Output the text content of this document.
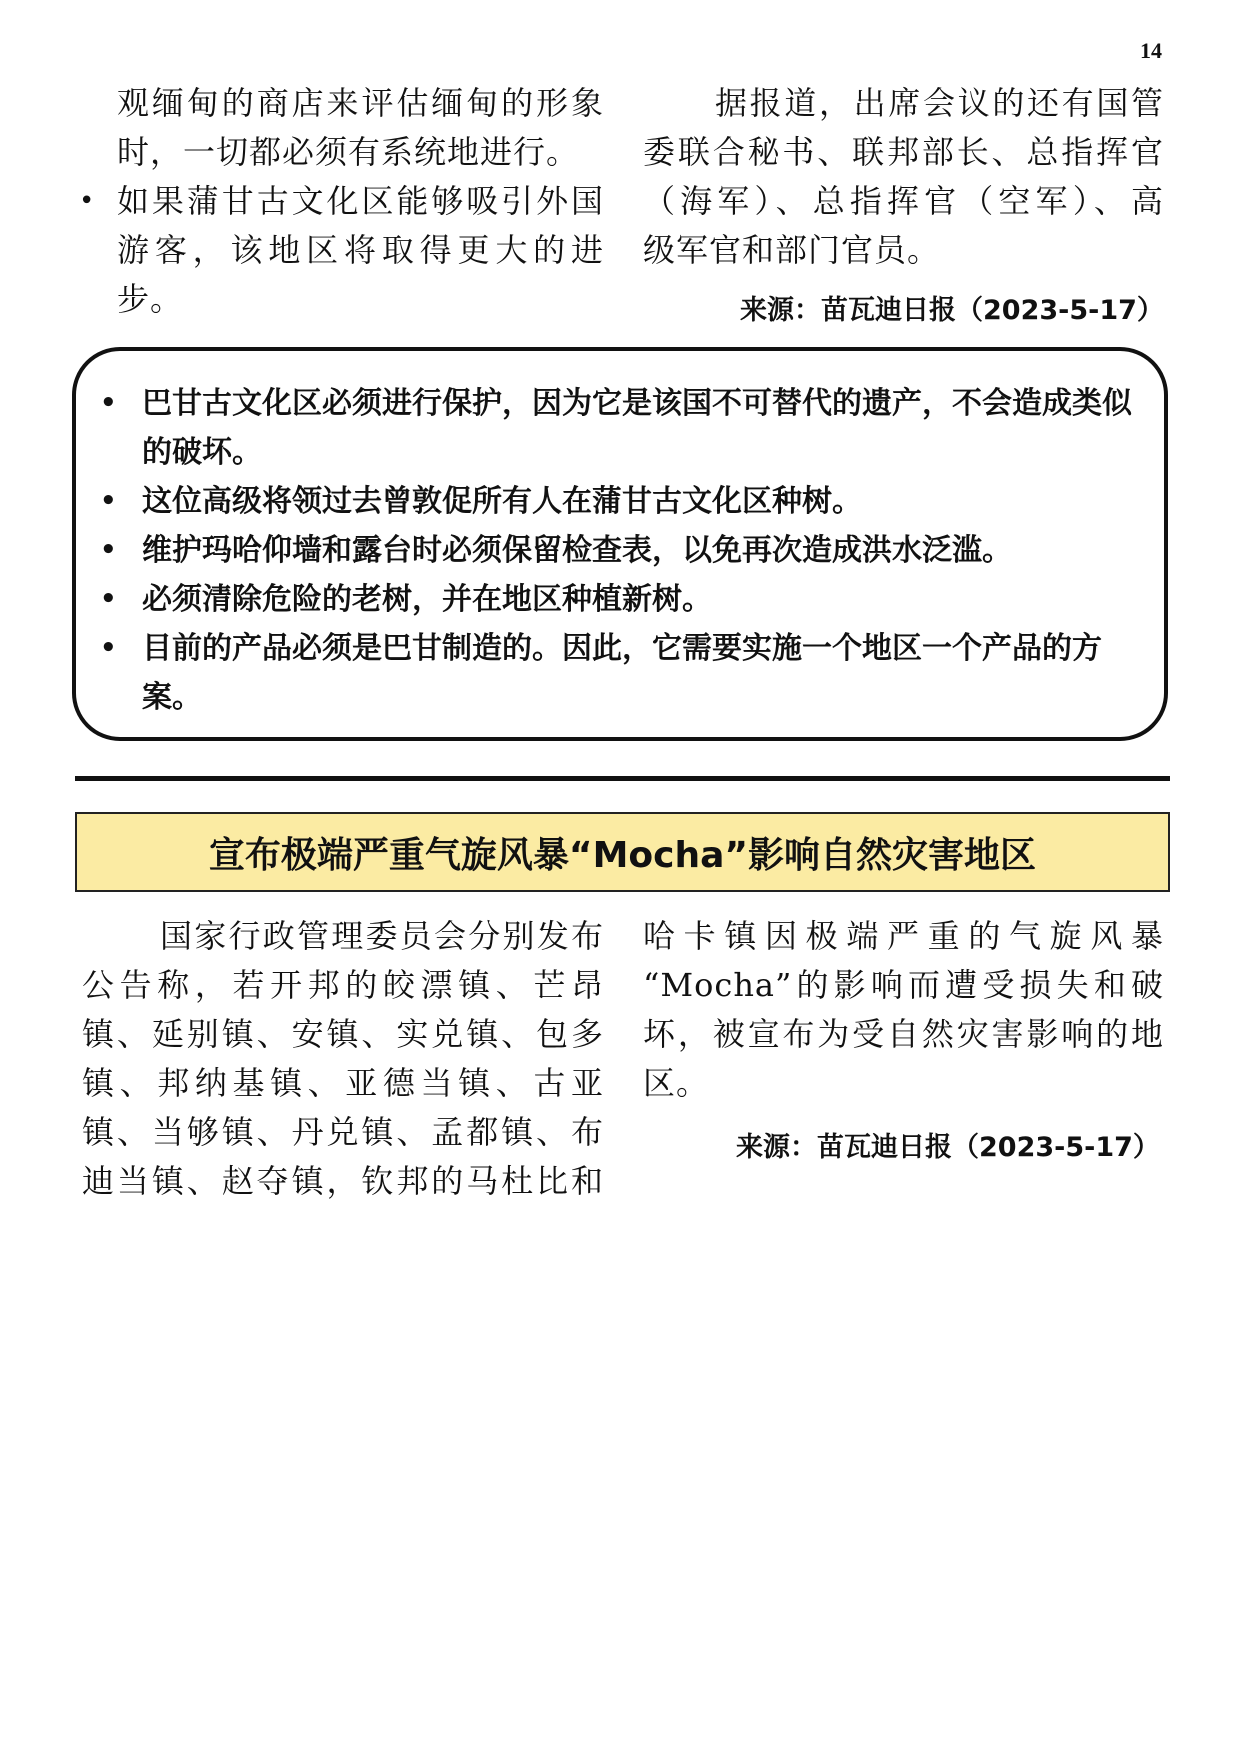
14

观缅甸的商店来评估缅甸的形象

时，一切都必须有系统地进行。

• 如果蒲甘古文化区能够吸引外国

游客，该地区将取得更大的进

步。

据报道，出席会议的还有国管

委联合秘书、联邦部长、总指挥官

（海军）、总指挥官（空军）、高

级军官和部门官员。

来源：苗瓦迪日报（2023-5-17）
• 巴甘古文化区必须进行保护，因为它是该国不可替代的遗产，不会造成类似的破坏。
• 这位高级将领过去曾敦促所有人在蒲甘古文化区种树。
• 维护玛哈仰墙和露台时必须保留检查表，以免再次造成洪水泛滥。
• 必须清除危险的老树，并在地区种植新树。
• 目前的产品必须是巴甘制造的。因此，它需要实施一个地区一个产品的方案。
宣布极端严重气旋风暴“Mocha”影响自然灾害地区

国家行政管理委员会分别发布

公告称，若开邦的皎漂镇、芒昂

镇、延别镇、安镇、实兑镇、包多

镇、邦纳基镇、亚德当镇、古亚

镇、当够镇、丹兑镇、孟都镇、布

迪当镇、赵夺镇，钦邦的马杜比和

哈卡镇因极端严重的气旋风暴

“Mocha”的影响而遭受损失和破

坏，被宣布为受自然灾害影响的地

区。

来源：苗瓦迪日报（2023-5-17）
